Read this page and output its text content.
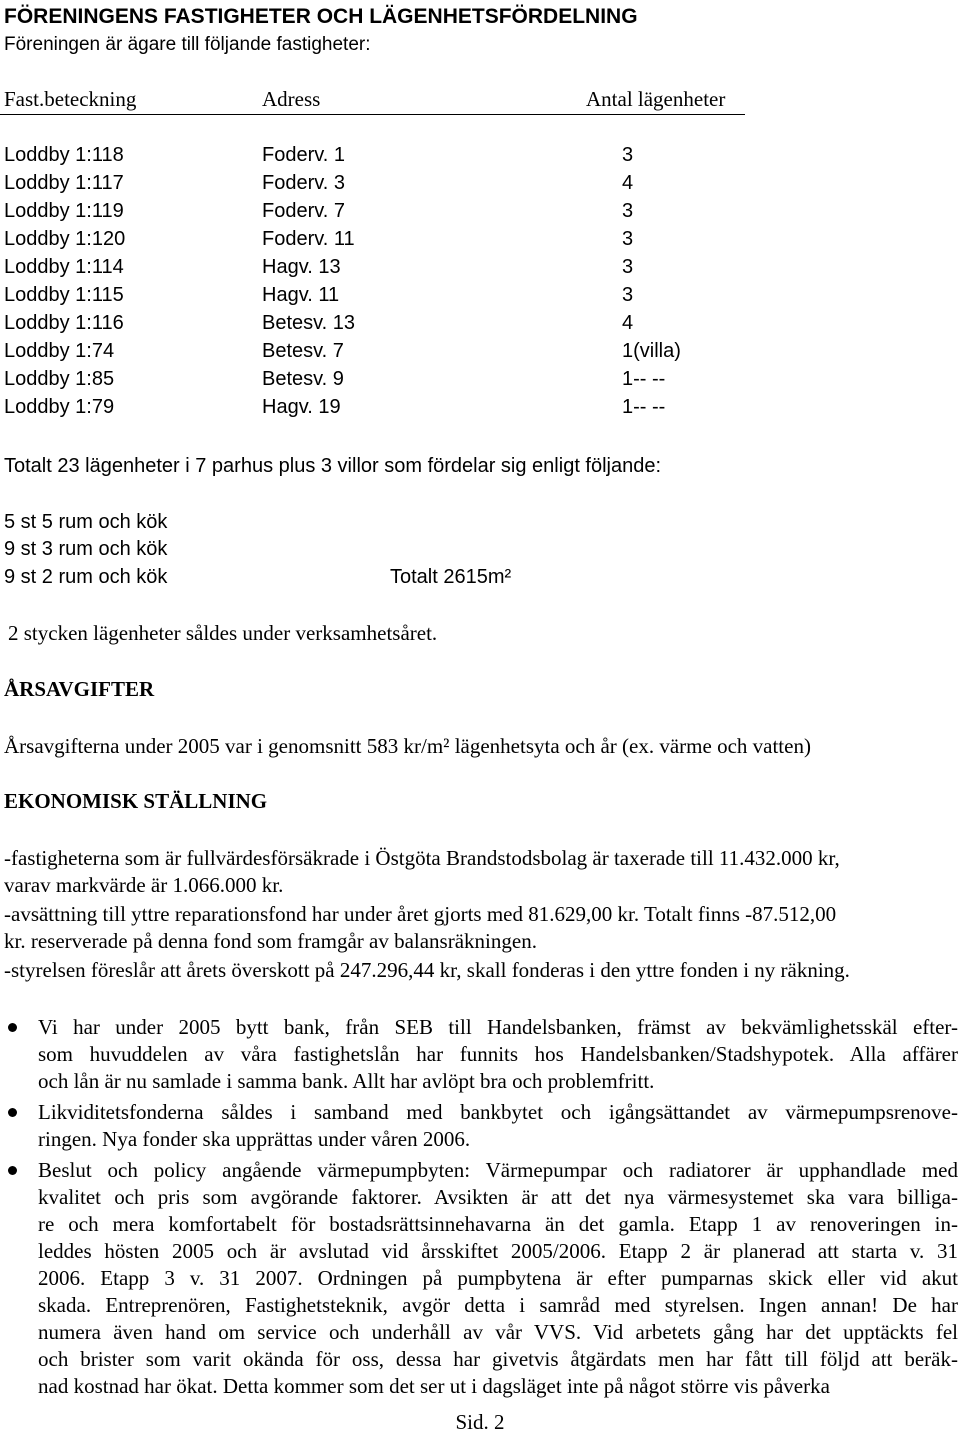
FÖRENINGENS FASTIGHETER OCH LÄGENHETSFÖRDELNING
Föreningen är ägare till följande fastigheter:
Fast.beteckning	Adress	Antal lägenheter
Loddby 1:118	Foderv. 1	3
Loddby 1:117	Foderv. 3	4
Loddby 1:119	Foderv. 7	3
Loddby 1:120	Foderv. 11	3
Loddby 1:114	Hagv. 13	3
Loddby 1:115	Hagv. 11	3
Loddby 1:116	Betesv. 13	4
Loddby 1:74	Betesv. 7	1(villa)
Loddby 1:85	Betesv. 9	1-- --
Loddby 1:79	Hagv. 19	1-- --
Totalt 23 lägenheter i 7 parhus plus 3 villor som fördelar sig enligt följande:
5 st 5 rum och kök
9 st 3 rum och kök
9 st 2 rum och kök	Totalt 2615m²
2 stycken lägenheter såldes under verksamhetsåret.
ÅRSAVGIFTER
Årsavgifterna under 2005 var i genomsnitt 583 kr/m² lägenhetsyta och år (ex. värme och vatten)
EKONOMISK STÄLLNING
-fastigheterna som är fullvärdesförsäkrade i Östgöta Brandstodsbolag är taxerade till 11.432.000 kr,
varav markvärde är 1.066.000 kr.
-avsättning till yttre reparationsfond har under året gjorts med 81.629,00 kr. Totalt finns -87.512,00
kr. reserverade på denna fond som framgår av balansräkningen.
-styrelsen föreslår att årets överskott på 247.296,44 kr, skall fonderas i den yttre fonden i ny räkning.
Vi har under 2005 bytt bank, från SEB till Handelsbanken, främst av bekvämlighetsskäl efter-
som huvuddelen av våra fastighetslån har funnits hos Handelsbanken/Stadshypotek. Alla affärer
och lån är nu samlade i samma bank. Allt har avlöpt bra och problemfritt.
Likviditetsfonderna såldes i samband med bankbytet och igångsättandet av värmepumpsrenove-
ringen. Nya fonder ska upprättas under våren 2006.
Beslut och policy angående värmepumpbyten: Värmepumpar och radiatorer är upphandlade med
kvalitet och pris som avgörande faktorer. Avsikten är att det nya värmesystemet ska vara billiga-
re och mera komfortabelt för bostadsrättsinnehavarna än det gamla. Etapp 1 av renoveringen in-
leddes hösten 2005 och är avslutad vid årsskiftet 2005/2006. Etapp 2 är planerad att starta v. 31
2006. Etapp 3 v. 31 2007. Ordningen på pumpbytena är efter pumparnas skick eller vid akut
skada. Entreprenören, Fastighetsteknik, avgör detta i samråd med styrelsen. Ingen annan! De har
numera även hand om service och underhåll av vår VVS. Vid arbetets gång har det upptäckts fel
och brister som varit okända för oss, dessa har givetvis åtgärdats men har fått till följd att beräk-
nad kostnad har ökat. Detta kommer som det ser ut i dagsläget inte på något större vis påverka
Sid. 2
